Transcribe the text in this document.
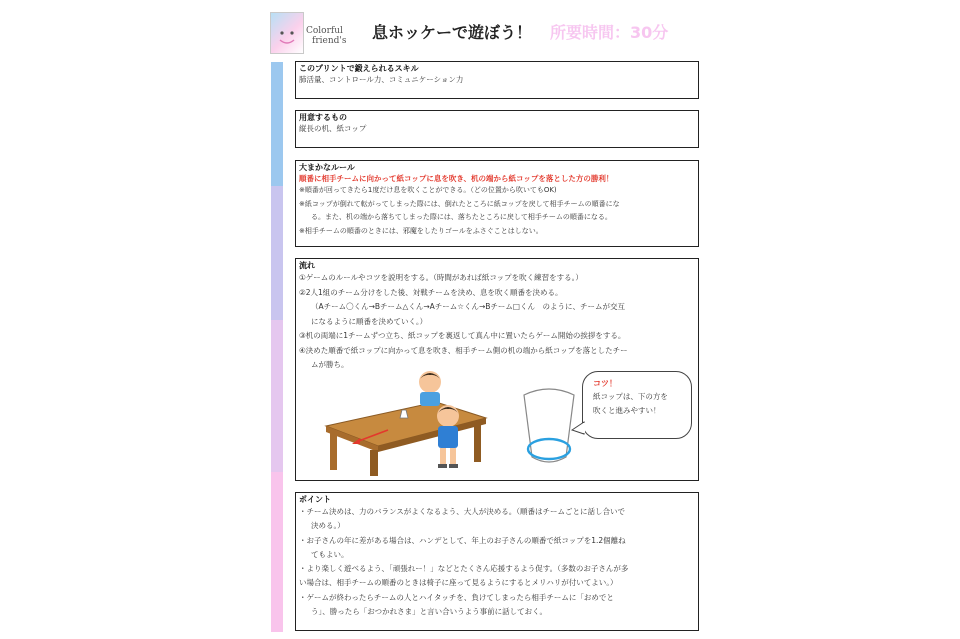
Colorful
friend's 息ホッケーで遊ぼう！ 所要時間：30分
このプリントで鍛えられるスキル
肺活量、コントロール力、コミュニケーション力
用意するもの
縦長の机、紙コップ
大まかなルール
順番に相手チームに向かって紙コップに息を吹き、机の端から紙コップを落とした方の勝利！
※順番が回ってきたら1度だけ息を吹くことができる。（どの位置から吹いてもOK)
※紙コップが倒れて転がってしまった際には、倒れたところに紙コップを戻して相手チームの順番にな
る。また、机の端から落ちてしまった際には、落ちたところに戻して相手チームの順番になる。
※相手チームの順番のときには、邪魔をしたりゴールをふさぐことはしない。
流れ
①ゲームのルールやコツを説明をする。（時間があれば紙コップを吹く練習をする。）
②2人1組のチーム分けをした後、対戦チームを決め、息を吹く順番を決める。
（Aチーム〇くん→Bチーム△くん→Aチーム☆くん→Bチーム□くん　のように、チームが交互
になるように順番を決めていく。）
③机の両端に1チームずつ立ち、紙コップを裏返して真ん中に置いたらゲーム開始の挨拶をする。
④決めた順番で紙コップに向かって息を吹き、相手チーム側の机の端から紙コップを落としたチー
ムが勝ち。
コツ！
紙コップは、下の方を
吹くと進みやすい！
ポイント
・チーム決めは、力のバランスがよくなるよう、大人が決める。（順番はチームごとに話し合いで
決める。）
・お子さんの年に差がある場合は、ハンデとして、年上のお子さんの順番で紙コップを1.2個離ね
てもよい。
・より楽しく遊べるよう、「頑張れー！」などとたくさん応援するよう促す。（多数のお子さんが多
い場合は、相手チームの順番のときは椅子に座って見るようにするとメリハリが付いてよい。）
・ゲームが終わったらチームの人とハイタッチを、負けてしまったら相手チームに「おめでと
う」、勝ったら「おつかれさま」と言い合いうよう事前に話しておく。
